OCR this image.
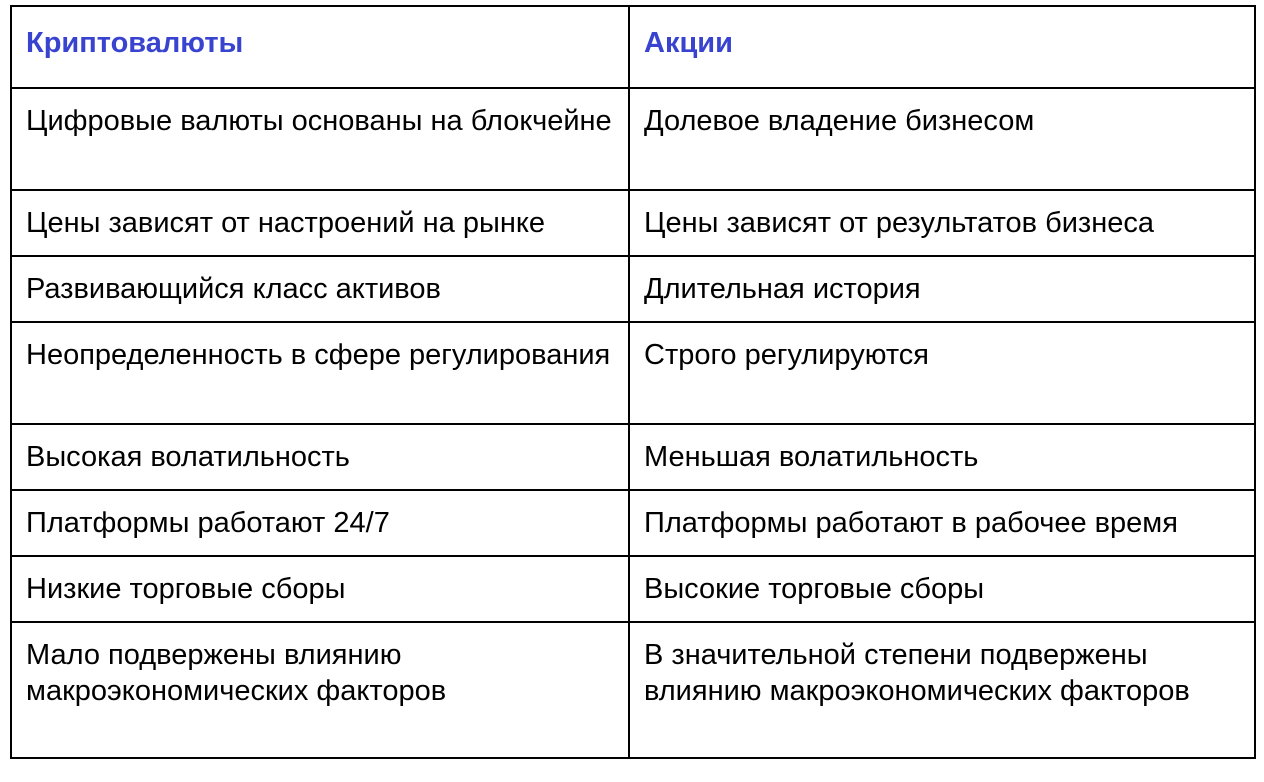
Криптовалюты	Акции
Цифровые валюты основаны на блокчейне	Долевое владение бизнесом
Цены зависят от настроений на рынке	Цены зависят от результатов бизнеса
Развивающийся класс активов	Длительная история
Неопределенность в сфере регулирования	Строго регулируются
Высокая волатильность	Меньшая волатильность
Платформы работают 24/7	Платформы работают в рабочее время
Низкие торговые сборы	Высокие торговые сборы
Мало подвержены влиянию макроэкономических факторов	В значительной степени подвержены влиянию макроэкономических факторов
